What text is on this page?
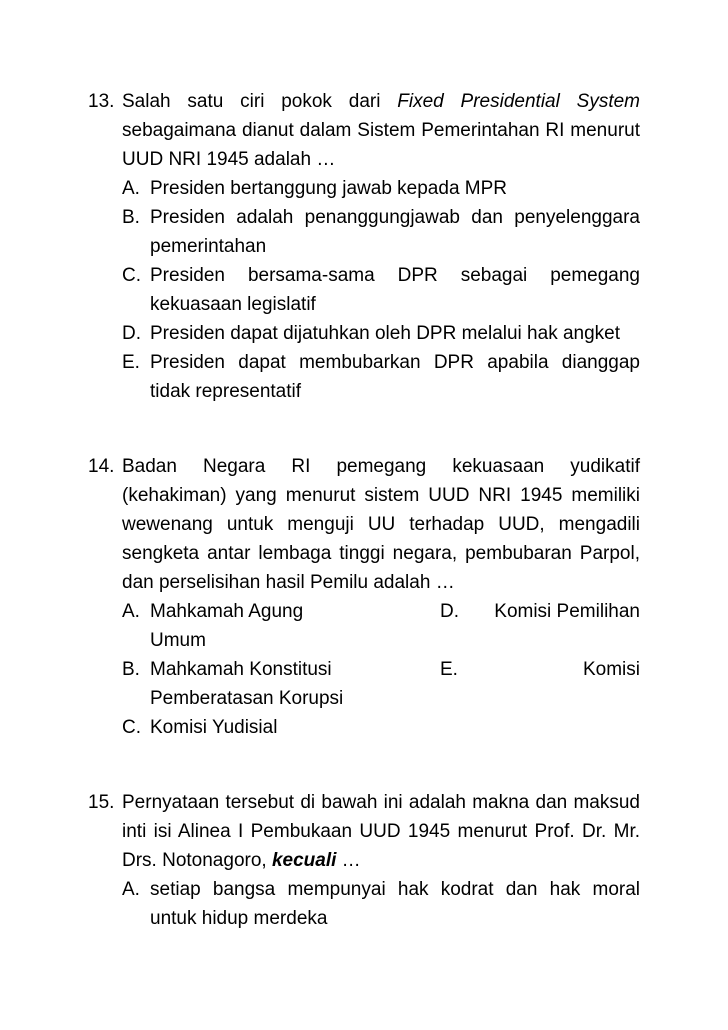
13. Salah satu ciri pokok dari Fixed Presidential System sebagaimana dianut dalam Sistem Pemerintahan RI menurut UUD NRI 1945 adalah …
A. Presiden bertanggung jawab kepada MPR
B. Presiden adalah penanggungjawab dan penyelenggara pemerintahan
C. Presiden bersama-sama DPR sebagai pemegang kekuasaan legislatif
D. Presiden dapat dijatuhkan oleh DPR melalui hak angket
E. Presiden dapat membubarkan DPR apabila dianggap tidak representatif
14. Badan Negara RI pemegang kekuasaan yudikatif (kehakiman) yang menurut sistem UUD NRI 1945 memiliki wewenang untuk menguji UU terhadap UUD, mengadili sengketa antar lembaga tinggi negara, pembubaran Parpol, dan perselisihan hasil Pemilu adalah …
A. Mahkamah Agung	D. Komisi Pemilihan
Umum
B. Mahkamah Konstitusi	E.	Komisi
Pemberatasan Korupsi
C. Komisi Yudisial
15. Pernyataan tersebut di bawah ini adalah makna dan maksud inti isi Alinea I Pembukaan UUD 1945 menurut Prof. Dr. Mr. Drs. Notonagoro, kecuali …
A. setiap bangsa mempunyai hak kodrat dan hak moral untuk hidup merdeka
